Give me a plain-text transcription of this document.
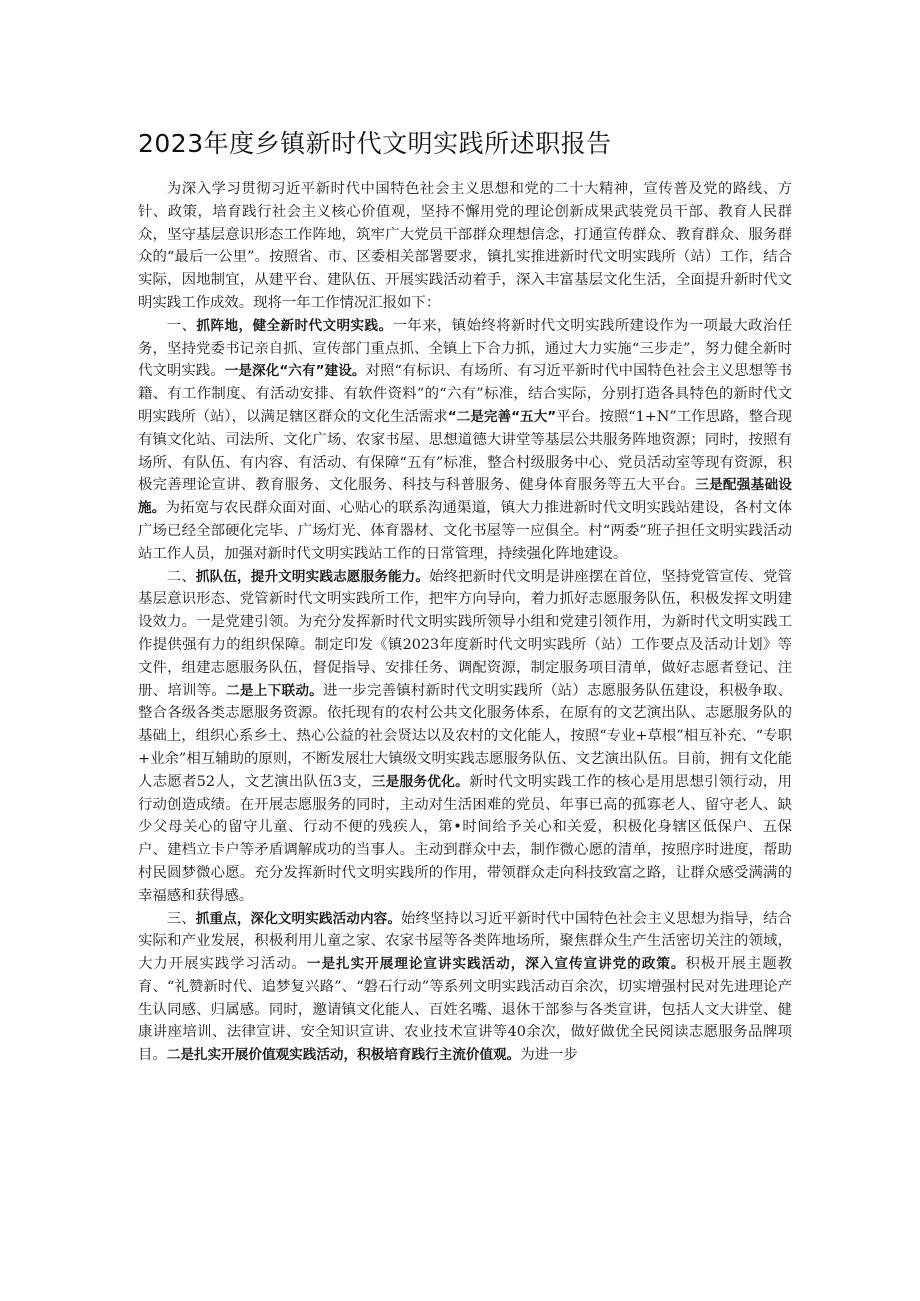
2023年度乡镇新时代文明实践所述职报告

为深入学习贯彻习近平新时代中国特色社会主义思想和党的二十大精神，宣传普及党的路线、方针、政策，培育践行社会主义核心价值观，坚持不懈用党的理论创新成果武装党员干部、教育人民群众，坚守基层意识形态工作阵地，筑牢广大党员干部群众理想信念，打通宣传群众、教育群众、服务群众的“最后一公里”。按照省、市、区委相关部署要求，镇扎实推进新时代文明实践所（站）工作，结合实际，因地制宜，从建平台、建队伍、开展实践活动着手，深入丰富基层文化生活，全面提升新时代文明实践工作成效。现将一年工作情况汇报如下：

一、抓阵地，健全新时代文明实践。一年来，镇始终将新时代文明实践所建设作为一项最大政治任务，坚持党委书记亲自抓、宣传部门重点抓、全镇上下合力抓，通过大力实施“三步走”，努力健全新时代文明实践。一是深化“六有”建设。对照“有标识、有场所、有习近平新时代中国特色社会主义思想等书籍、有工作制度、有活动安排、有软件资料”的“六有”标准，结合实际，分别打造各具特色的新时代文明实践所（站），以满足辖区群众的文化生活需求“二是完善“五大”平台。按照“1+N”工作思路，整合现有镇文化站、司法所、文化广场、农家书屋、思想道德大讲堂等基层公共服务阵地资源；同时，按照有场所、有队伍、有内容、有活动、有保障“五有”标准，整合村级服务中心、党员活动室等现有资源，积极完善理论宣讲、教育服务、文化服务、科技与科普服务、健身体育服务等五大平台。三是配强基础设施。为拓宽与农民群众面对面、心贴心的联系沟通渠道，镇大力推进新时代文明实践站建设，各村文体广场已经全部硬化完毕、广场灯光、体育器材、文化书屋等一应俱全。村“两委”班子担任文明实践活动站工作人员，加强对新时代文明实践站工作的日常管理，持续强化阵地建设。

二、抓队伍，提升文明实践志愿服务能力。始终把新时代文明是讲座摆在首位，坚持党管宣传、党管基层意识形态、党管新时代文明实践所工作，把牢方向导向，着力抓好志愿服务队伍，积极发挥文明建设效力。一是党建引领。为充分发挥新时代文明实践所领导小组和党建引领作用，为新时代文明实践工作提供强有力的组织保障。制定印发《镇2023年度新时代文明实践所（站）工作要点及活动计划》等文件，组建志愿服务队伍，督促指导、安排任务、调配资源，制定服务项目清单，做好志愿者登记、注册、培训等。二是上下联动。进一步完善镇村新时代文明实践所（站）志愿服务队伍建设，积极争取、整合各级各类志愿服务资源。依托现有的农村公共文化服务体系，在原有的文艺演出队、志愿服务队的基础上，组织心系乡土、热心公益的社会贤达以及农村的文化能人，按照“专业+草根”相互补充、“专职+业余”相互辅助的原则，不断发展壮大镇级文明实践志愿服务队伍、文艺演出队伍。目前，拥有文化能人志愿者52人，文艺演出队伍3支，三是服务优化。新时代文明实践工作的核心是用思想引领行动，用行动创造成绩。在开展志愿服务的同时，主动对生活困难的党员、年事已高的孤寡老人、留守老人、缺少父母关心的留守儿童、行动不便的残疾人，第•时间给予关心和关爱，积极化身辖区低保户、五保户、建档立卡户等矛盾调解成功的当事人。主动到群众中去，制作微心愿的清单，按照序时进度，帮助村民圆梦微心愿。充分发挥新时代文明实践所的作用，带领群众走向科技致富之路，让群众感受满满的幸福感和获得感。

三、抓重点，深化文明实践活动内容。始终坚持以习近平新时代中国特色社会主义思想为指导，结合实际和产业发展，积极利用儿童之家、农家书屋等各类阵地场所，聚焦群众生产生活密切关注的领域，大力开展实践学习活动。一是扎实开展理论宣讲实践活动，深入宣传宣讲党的政策。积极开展主题教育、“礼赞新时代、追梦复兴路”、“磐石行动”等系列文明实践活动百余次，切实增强村民对先进理论产生认同感、归属感。同时，邀请镇文化能人、百姓名嘴、退休干部参与各类宣讲，包括人文大讲堂、健康讲座培训、法律宣讲、安全知识宣讲、农业技术宣讲等40余次，做好做优全民阅读志愿服务品牌项目。二是扎实开展价值观实践活动，积极培育践行主流价值观。为进一步
